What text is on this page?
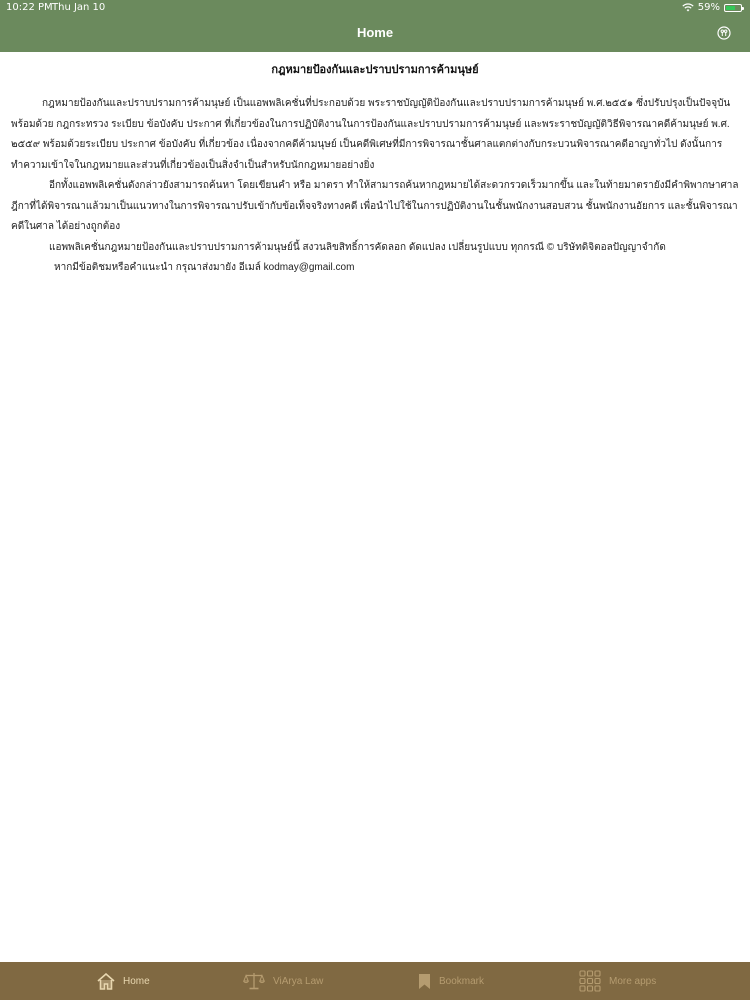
10:22 PM Thu Jan 10	59%
Home
กฎหมายป้องกันและปราบปรามการค้ามนุษย์

กฎหมายป้องกันและปราบปรามการค้ามนุษย์ เป็นแอพพลิเคชั่นที่ประกอบด้วย พระราชบัญญัติป้องกันและปราบปรามการค้ามนุษย์ พ.ศ.๒๕๕๑ ซึ่งปรับปรุงเป็นปัจจุบัน พร้อมด้วย กฎกระทรวง ระเบียบ ข้อบังคับ ประกาศ ที่เกี่ยวข้องในการปฏิบัติงานในการป้องกันและปราบปรามการค้ามนุษย์ และพระราชบัญญัติวิธีพิจารณาคดีค้ามนุษย์ พ.ศ. ๒๕๕๙ พร้อมด้วยระเบียบ ประกาศ ข้อบังคับ ที่เกี่ยวข้อง เนื่องจากคดีค้ามนุษย์ เป็นคดีพิเศษที่มีการพิจารณาชั้นศาลแตกต่างกับกระบวนพิจารณาคดีอาญาทั่วไป ดังนั้นการทำความเข้าใจในกฎหมายและส่วนที่เกี่ยวข้องเป็นสิ่งจำเป็นสำหรับนักกฎหมายอย่างยิ่ง

อีกทั้งแอพพลิเคชั่นดังกล่าวยังสามารถค้นหา โดยเขียนคำ หรือ มาตรา ทำให้สามารถค้นหากฎหมายได้สะดวกรวดเร็วมากขึ้น และในท้ายมาตรายังมีคำพิพากษาศาลฎีกาที่ได้พิจารณาแล้วมาเป็นแนวทางในการพิจารณาปรับเข้ากับข้อเท็จจริงทางคดี เพื่อนำไปใช้ในการปฏิบัติงานในชั้นพนักงานสอบสวน ชั้นพนักงานอัยการ และชั้นพิจารณาคดีในศาล ได้อย่างถูกต้อง

แอพพลิเคชั่นกฎหมายป้องกันและปราบปรามการค้ามนุษย์นี้ สงวนลิขสิทธิ์การคัดลอก ดัดแปลง เปลี่ยนรูปแบบ ทุกกรณี © บริษัทดิจิตอลปัญญาจำกัด

หากมีข้อติชมหรือคำแนะนำ กรุณาส่งมายัง อีเมล์ kodmay@gmail.com

Home	ViArya Law	Bookmark	More apps
